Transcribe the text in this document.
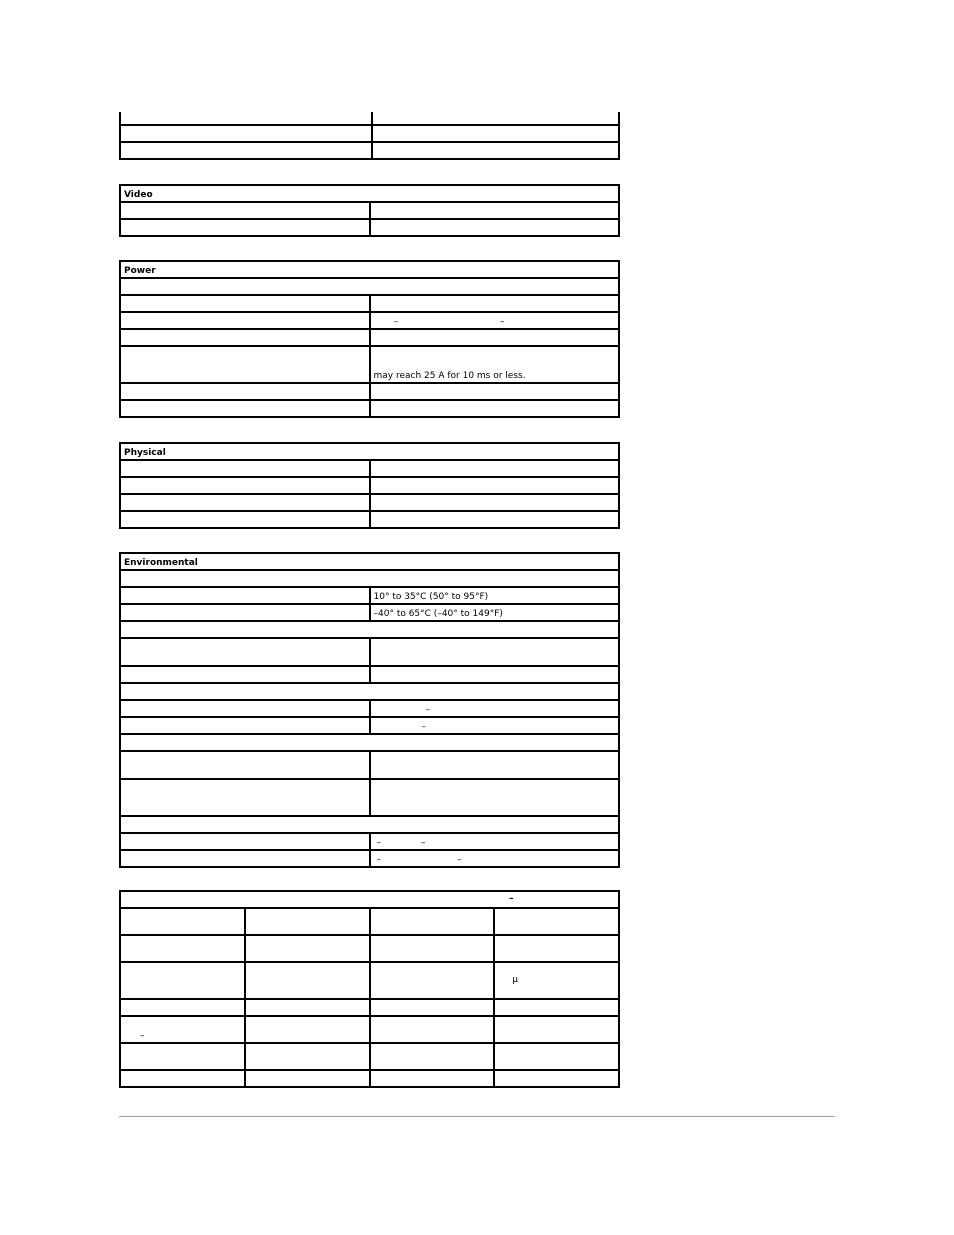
Video	

Power	

	– –

	may reach 25 A for 10 ms or less.

Physical	

Environmental	

	10° to 35°C (50° to 95°F)
	–40° to 65°C (–40° to 149°F)

	–
	–

	– –
	– –
–			

			µ

–			
